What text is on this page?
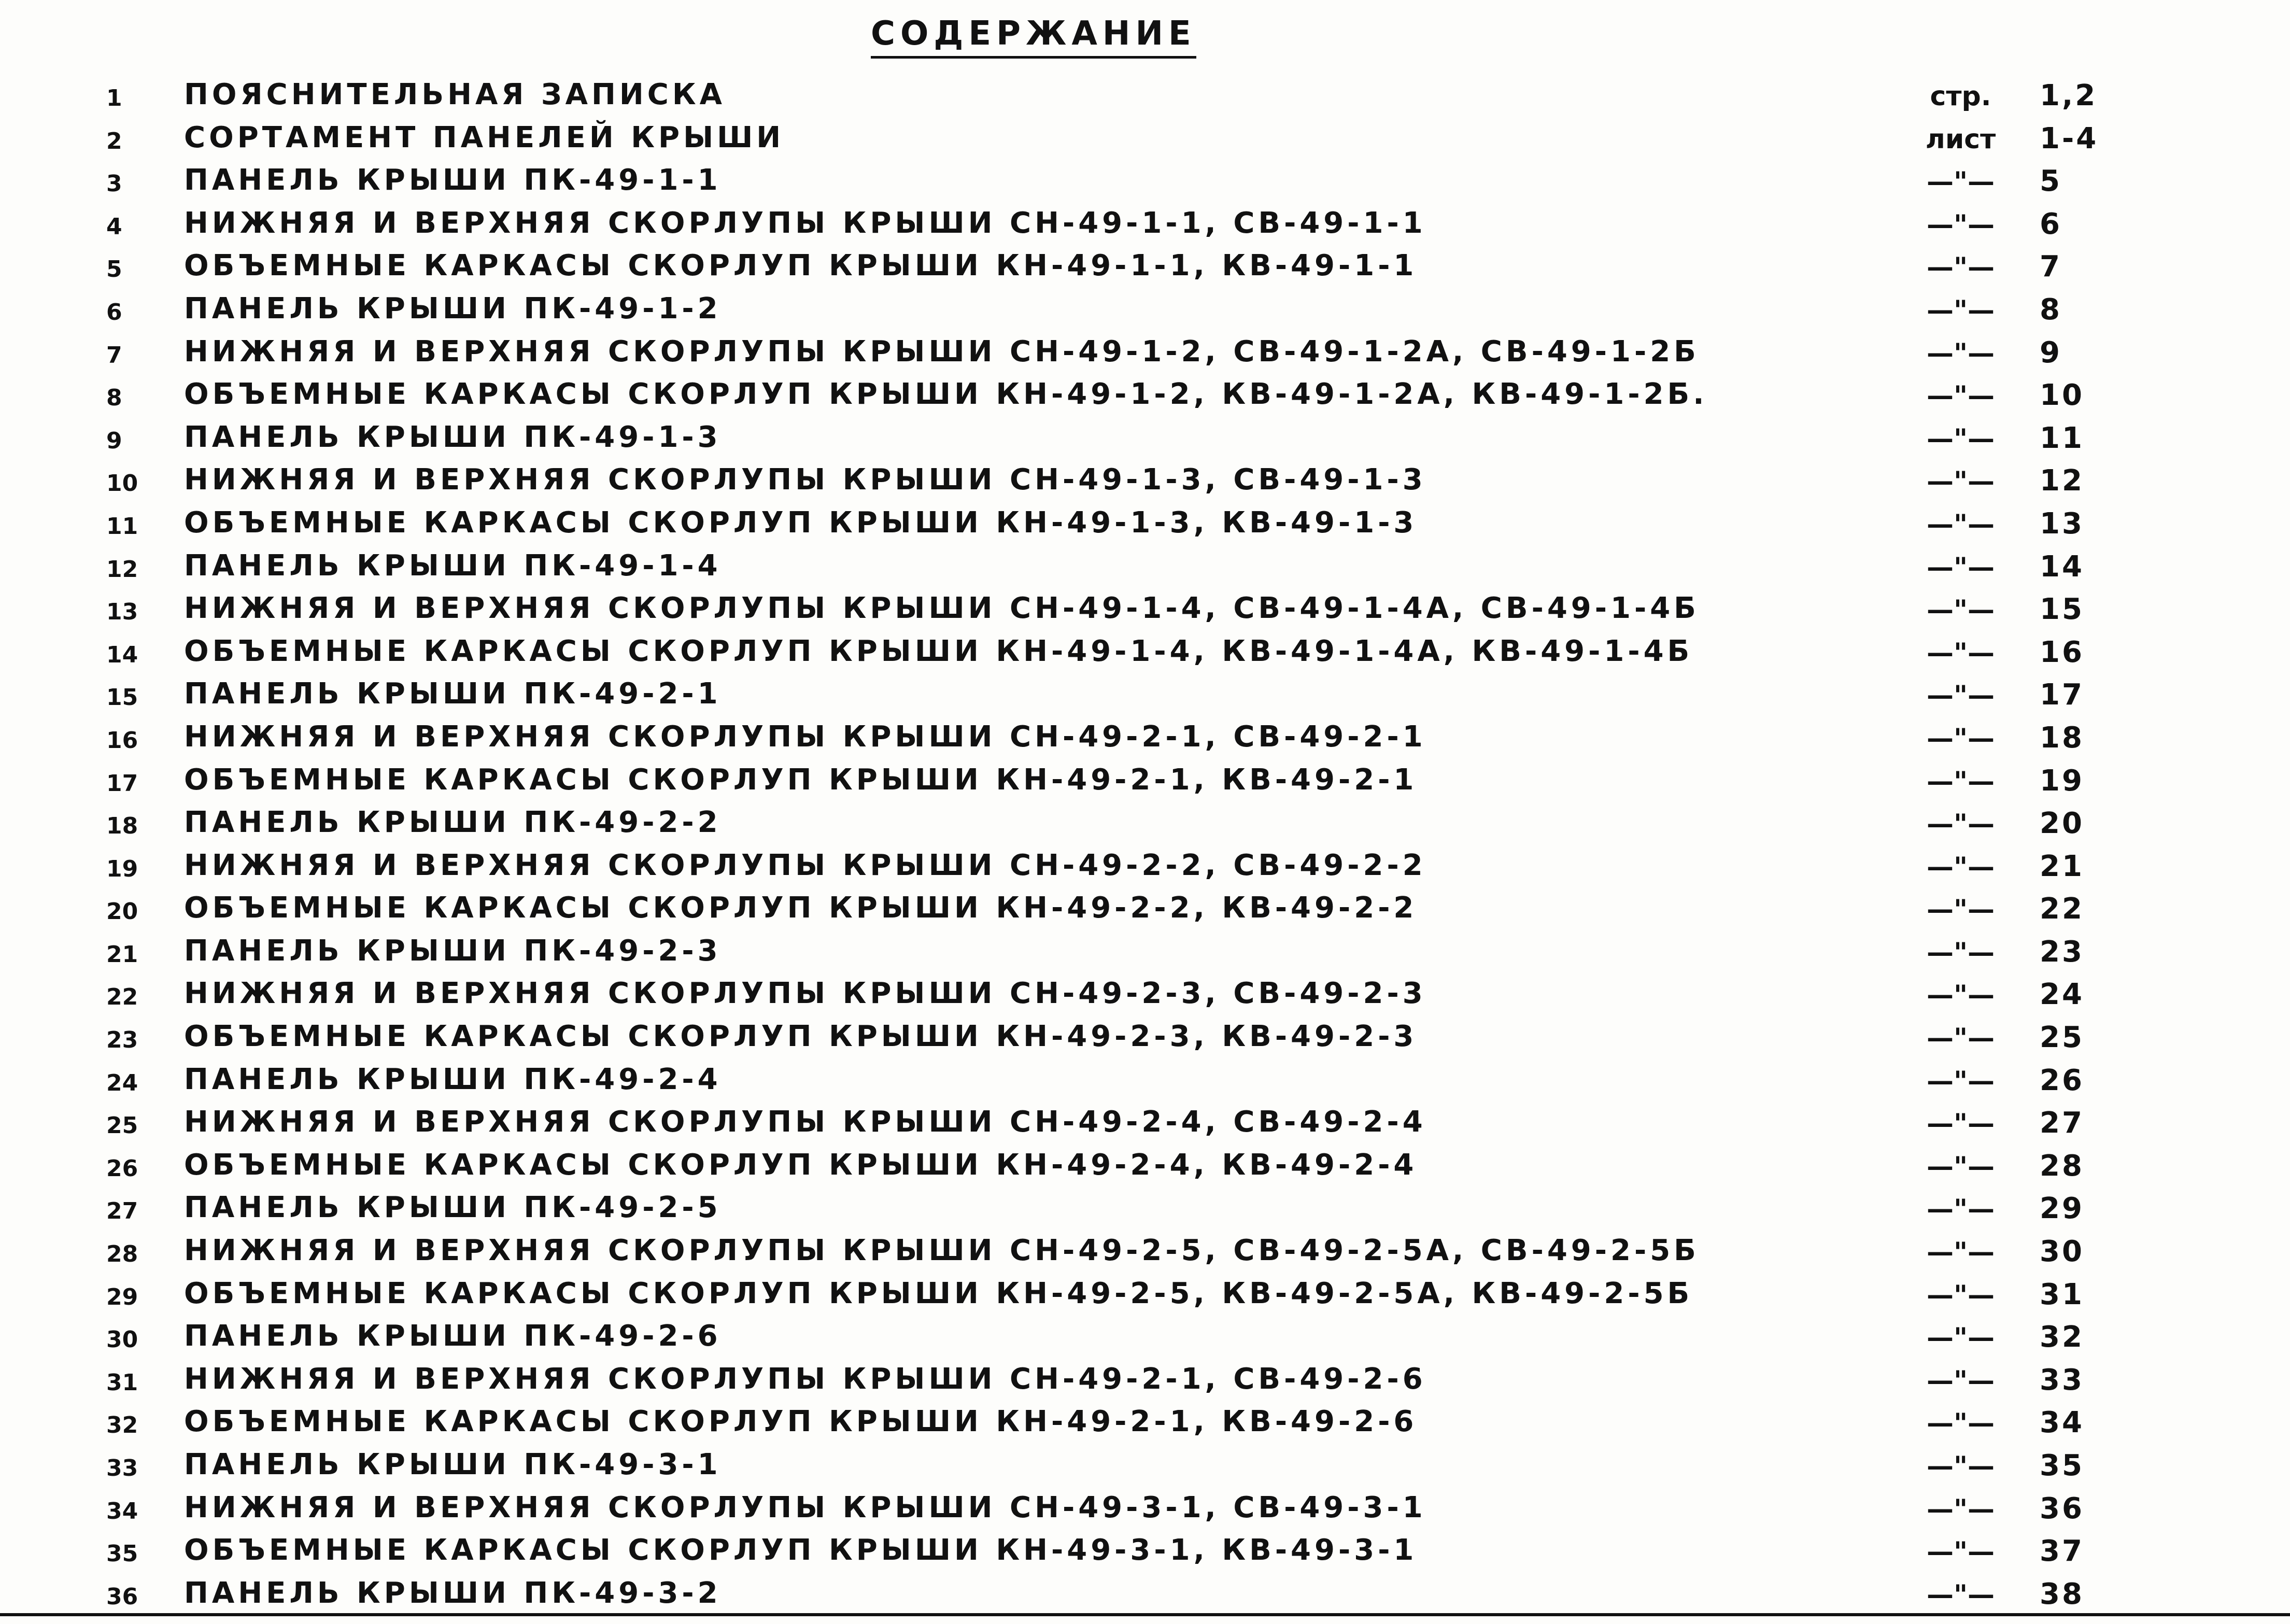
СОДЕРЖАНИЕ
1 ПОЯСНИТЕЛЬНАЯ ЗАПИСКА	стр.	1,2
2 СОРТАМЕНТ ПАНЕЛЕЙ КРЫШИ	лист	1-4
3 ПАНЕЛЬ КРЫШИ ПК-49-1-1	—"—	5
4 НИЖНЯЯ И ВЕРХНЯЯ СКОРЛУПЫ КРЫШИ СН-49-1-1, СВ-49-1-1	—"—	6
5 ОБЪЕМНЫЕ КАРКАСЫ СКОРЛУП КРЫШИ КН-49-1-1, КВ-49-1-1	—"—	7
6 ПАНЕЛЬ КРЫШИ ПК-49-1-2	—"—	8
7 НИЖНЯЯ И ВЕРХНЯЯ СКОРЛУПЫ КРЫШИ СН-49-1-2, СВ-49-1-2А, СВ-49-1-2Б	—"—	9
8 ОБЪЕМНЫЕ КАРКАСЫ СКОРЛУП КРЫШИ КН-49-1-2, КВ-49-1-2А, КВ-49-1-2Б.	—"—	10
9 ПАНЕЛЬ КРЫШИ ПК-49-1-3	—"—	11
10 НИЖНЯЯ И ВЕРХНЯЯ СКОРЛУПЫ КРЫШИ СН-49-1-3, СВ-49-1-3	—"—	12
11 ОБЪЕМНЫЕ КАРКАСЫ СКОРЛУП КРЫШИ КН-49-1-3, КВ-49-1-3	—"—	13
12 ПАНЕЛЬ КРЫШИ ПК-49-1-4	—"—	14
13 НИЖНЯЯ И ВЕРХНЯЯ СКОРЛУПЫ КРЫШИ СН-49-1-4, СВ-49-1-4А, СВ-49-1-4Б	—"—	15
14 ОБЪЕМНЫЕ КАРКАСЫ СКОРЛУП КРЫШИ КН-49-1-4, КВ-49-1-4А, КВ-49-1-4Б	—"—	16
15 ПАНЕЛЬ КРЫШИ ПК-49-2-1	—"—	17
16 НИЖНЯЯ И ВЕРХНЯЯ СКОРЛУПЫ КРЫШИ СН-49-2-1, СВ-49-2-1	—"—	18
17 ОБЪЕМНЫЕ КАРКАСЫ СКОРЛУП КРЫШИ КН-49-2-1, КВ-49-2-1	—"—	19
18 ПАНЕЛЬ КРЫШИ ПК-49-2-2	—"—	20
19 НИЖНЯЯ И ВЕРХНЯЯ СКОРЛУПЫ КРЫШИ СН-49-2-2, СВ-49-2-2	—"—	21
20 ОБЪЕМНЫЕ КАРКАСЫ СКОРЛУП КРЫШИ КН-49-2-2, КВ-49-2-2	—"—	22
21 ПАНЕЛЬ КРЫШИ ПК-49-2-3	—"—	23
22 НИЖНЯЯ И ВЕРХНЯЯ СКОРЛУПЫ КРЫШИ СН-49-2-3, СВ-49-2-3	—"—	24
23 ОБЪЕМНЫЕ КАРКАСЫ СКОРЛУП КРЫШИ КН-49-2-3, КВ-49-2-3	—"—	25
24 ПАНЕЛЬ КРЫШИ ПК-49-2-4	—"—	26
25 НИЖНЯЯ И ВЕРХНЯЯ СКОРЛУПЫ КРЫШИ СН-49-2-4, СВ-49-2-4	—"—	27
26 ОБЪЕМНЫЕ КАРКАСЫ СКОРЛУП КРЫШИ КН-49-2-4, КВ-49-2-4	—"—	28
27 ПАНЕЛЬ КРЫШИ ПК-49-2-5	—"—	29
28 НИЖНЯЯ И ВЕРХНЯЯ СКОРЛУПЫ КРЫШИ СН-49-2-5, СВ-49-2-5А, СВ-49-2-5Б	—"—	30
29 ОБЪЕМНЫЕ КАРКАСЫ СКОРЛУП КРЫШИ КН-49-2-5, КВ-49-2-5А, КВ-49-2-5Б	—"—	31
30 ПАНЕЛЬ КРЫШИ ПК-49-2-6	—"—	32
31 НИЖНЯЯ И ВЕРХНЯЯ СКОРЛУПЫ КРЫШИ СН-49-2-1, СВ-49-2-6	—"—	33
32 ОБЪЕМНЫЕ КАРКАСЫ СКОРЛУП КРЫШИ КН-49-2-1, КВ-49-2-6	—"—	34
33 ПАНЕЛЬ КРЫШИ ПК-49-3-1	—"—	35
34 НИЖНЯЯ И ВЕРХНЯЯ СКОРЛУПЫ КРЫШИ СН-49-3-1, СВ-49-3-1	—"—	36
35 ОБЪЕМНЫЕ КАРКАСЫ СКОРЛУП КРЫШИ КН-49-3-1, КВ-49-3-1	—"—	37
36 ПАНЕЛЬ КРЫШИ ПК-49-3-2	—"—	38
